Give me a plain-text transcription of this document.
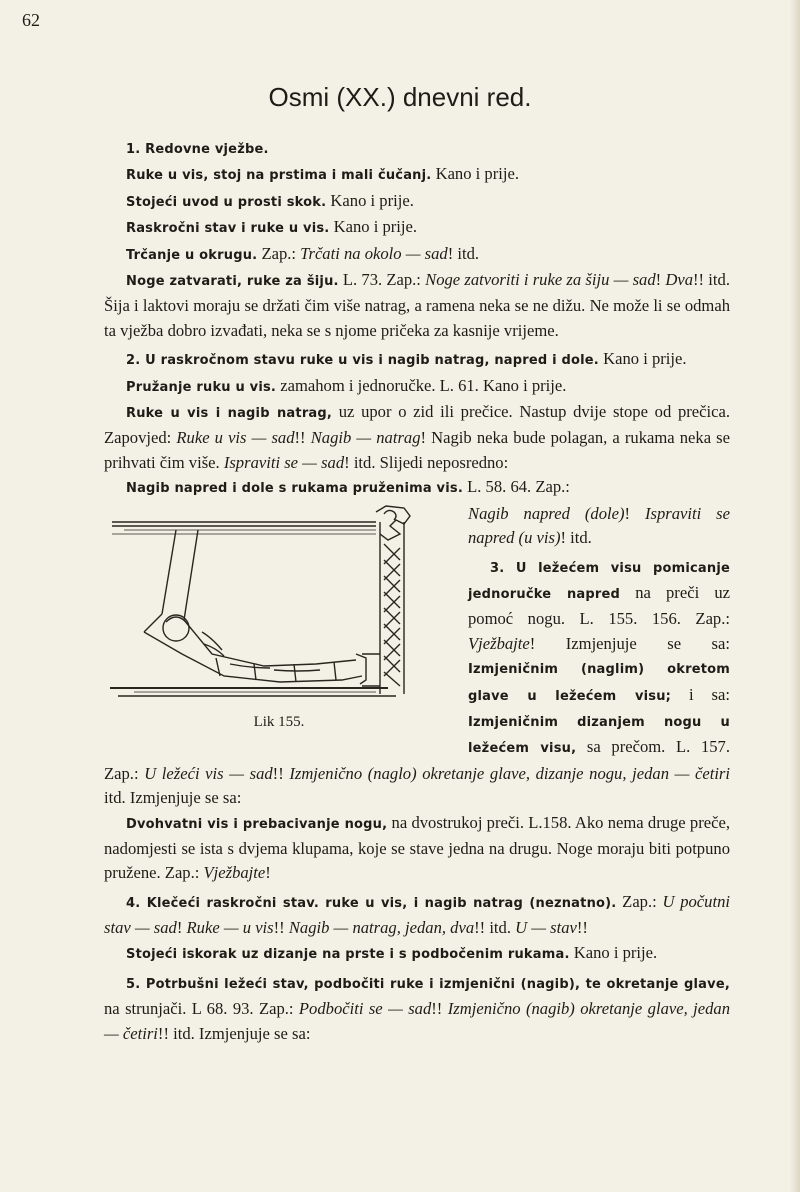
62
Osmi (XX.) dnevni red.

1. Redovne vježbe.

Ruke u vis, stoj na prstima i mali čučanj. Kano i prije.

Stojeći uvod u prosti skok. Kano i prije.

Raskročni stav i ruke u vis. Kano i prije.

Trčanje u okrugu. Zap.: Trčati na okolo — sad! itd.

Noge zatvarati, ruke za šiju. L. 73. Zap.: Noge zatvoriti i ruke za šiju — sad! Dva!! itd. Šija i laktovi moraju se držati čim više natrag, a ramena neka se ne dižu. Ne može li se odmah ta vježba dobro izvađati, neka se s njome pričeka za kasnije vrijeme.

2. U raskročnom stavu ruke u vis i nagib natrag, napred i dole. Kano i prije.

Pružanje ruku u vis. zamahom i jednoručke. L. 61. Kano i prije.

Ruke u vis i nagib natrag, uz upor o zid ili prečice. Nastup dvije stope od prečica. Zapovjed: Ruke u vis — sad!! Nagib — natrag! Nagib neka bude polagan, a rukama neka se prihvati čim više. Ispraviti se — sad! itd. Slijedi neposredno:

Nagib napred i dole s rukama pruženima vis. L. 58. 64. Zap.:

Lik 155.

Nagib napred (dole)! Ispraviti se napred (u vis)! itd.

3. U ležećem visu pomicanje jednoručke napred na preči uz pomoć nogu. L. 155. 156. Zap.: Vježbajte! Izmjenjuje se sa: Izmjeničnim (naglim) okretom glave u ležećem visu; i sa: Izmjeničnim dizanjem nogu u ležećem visu, sa prečom. L. 157. Zap.: U ležeći vis — sad!! Izmjenično (naglo) okretanje glave, dizanje nogu, jedan — četiri itd. Izmjenjuje se sa:

Dvohvatni vis i prebacivanje nogu, na dvostrukoj preči. L.158. Ako nema druge preče, nadomjesti se ista s dvjema klupama, koje se stave jedna na drugu. Noge moraju biti potpuno pružene. Zap.: Vježbajte!

4. Klečeći raskročni stav. ruke u vis, i nagib natrag (neznatno). Zap.: U počutni stav — sad! Ruke — u vis!! Nagib — natrag, jedan, dva!! itd. U — stav!!

Stojeći iskorak uz dizanje na prste i s podbočenim rukama. Kano i prije.

5. Potrbušni ležeći stav, podbočiti ruke i izmjenični (nagib), te okretanje glave, na strunjači. L 68. 93. Zap.: Podbočiti se — sad!! Izmjenično (nagib) okretanje glave, jedan — četiri!! itd. Izmjenjuje se sa:
